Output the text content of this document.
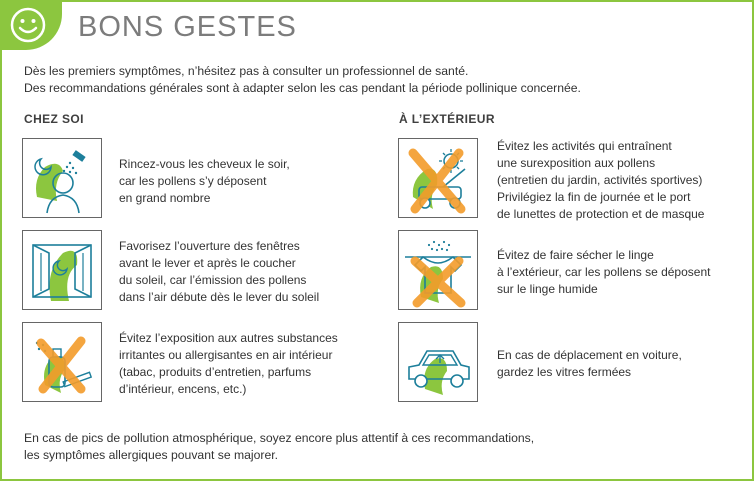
BONS GESTES

Dès les premiers symptômes, n’hésitez pas à consulter un professionnel de santé.
Des recommandations générales sont à adapter selon les cas pendant la période pollinique concernée.

CHEZ SOI	À L’EXTÉRIEUR
Rincez-vous les cheveux le soir,
car les pollens s’y déposent
en grand nombre
Favorisez l’ouverture des fenêtres
avant le lever et après le coucher
du soleil, car l’émission des pollens
dans l’air débute dès le lever du soleil
Évitez l’exposition aux autres substances
irritantes ou allergisantes en air intérieur
(tabac, produits d’entretien, parfums
d’intérieur, encens, etc.)
Évitez les activités qui entraînent
une surexposition aux pollens
(entretien du jardin, activités sportives)
Privilégiez la fin de journée et le port
de lunettes de protection et de masque
Évitez de faire sécher le linge
à l’extérieur, car les pollens se déposent
sur le linge humide
En cas de déplacement en voiture,
gardez les vitres fermées

En cas de pics de pollution atmosphérique, soyez encore plus attentif à ces recommandations,
les symptômes allergiques pouvant se majorer.
